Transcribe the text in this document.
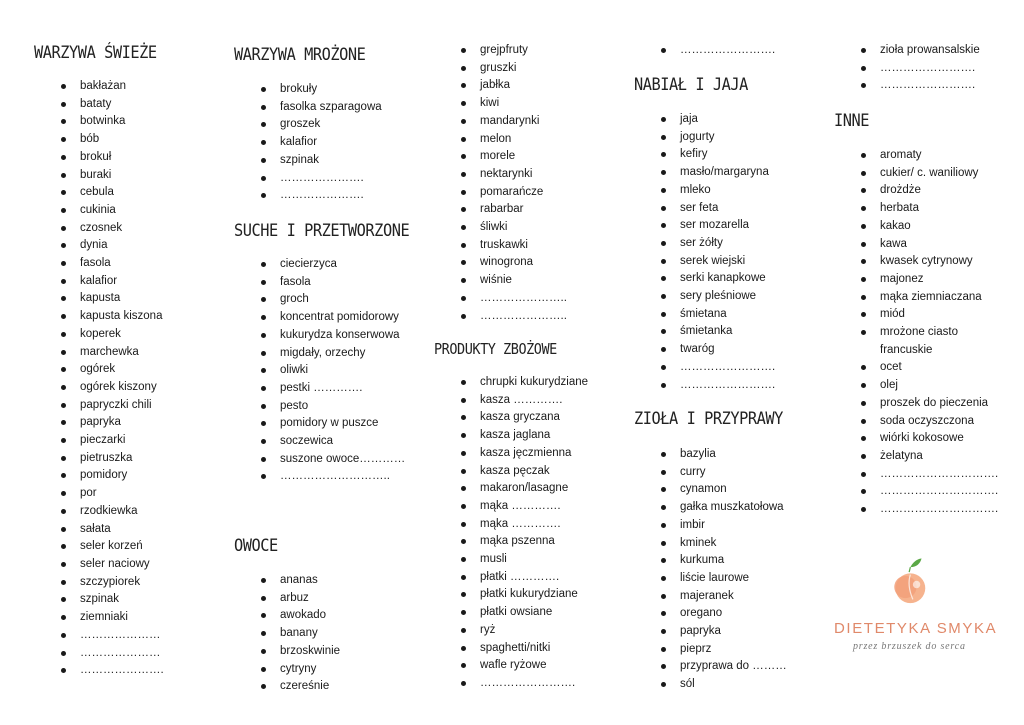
WARZYWA ŚWIEŻE
bakłażan
bataty
botwinka
bób
brokuł
buraki
cebula
cukinia
czosnek
dynia
fasola
kalafior
kapusta
kapusta kiszona
koperek
marchewka
ogórek
ogórek kiszony
papryczki chili
papryka
pieczarki
pietruszka
pomidory
por
rzodkiewka
sałata
seler korzeń
seler naciowy
szczypiorek
szpinak
ziemniaki
…………………
…………………
………………….
WARZYWA MROŻONE
brokuły
fasolka szparagowa
groszek
kalafior
szpinak
………………….
………………….
SUCHE I PRZETWORZONE
ciecierzyca
fasola
groch
koncentrat pomidorowy
kukurydza konserwowa
migdały, orzechy
oliwki
pestki ………….
pesto
pomidory w puszce
soczewica
suszone owoce…………
………………………..
OWOCE
ananas
arbuz
awokado
banany
brzoskwinie
cytryny
czereśnie
grejpfruty
gruszki
jabłka
kiwi
mandarynki
melon
morele
nektarynki
pomarańcze
rabarbar
śliwki
truskawki
winogrona
wiśnie
…………………..
…………………..
PRODUKTY ZBOŻOWE
chrupki kukurydziane
kasza ………….
kasza gryczana
kasza jaglana
kasza jęczmienna
kasza pęczak
makaron/lasagne
mąka ………….
mąka ………….
mąka pszenna
musli
płatki ………….
płatki kukurydziane
płatki owsiane
ryż
spaghetti/nitki
wafle ryżowe
…………………….
…………………….
NABIAŁ I JAJA
jaja
jogurty
kefiry
masło/margaryna
mleko
ser feta
ser mozarella
ser żółty
serek wiejski
serki kanapkowe
sery pleśniowe
śmietana
śmietanka
twaróg
…………………….
…………………….
ZIOŁA I PRZYPRAWY
bazylia
curry
cynamon
gałka muszkatołowa
imbir
kminek
kurkuma
liście laurowe
majeranek
oregano
papryka
pieprz
przyprawa do ………
sól
zioła prowansalskie
…………………….
…………………….
INNE
aromaty
cukier/ c. waniliowy
drożdże
herbata
kakao
kawa
kwasek cytrynowy
majonez
mąka ziemniaczana
miód
mrożone ciasto francuskie
ocet
olej
proszek do pieczenia
soda oczyszczona
wiórki kokosowe
żelatyna
………………………….
………………………….
………………………….
DIETETYKA SMYKA
przez brzuszek do serca
